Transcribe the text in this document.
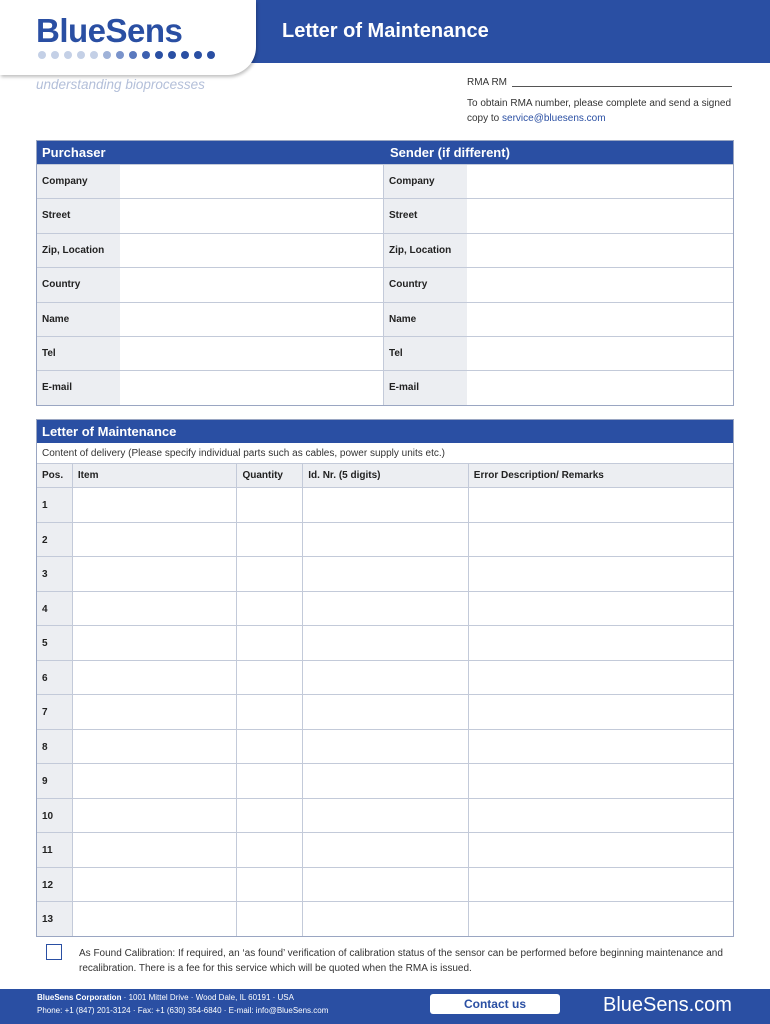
BlueSens	Letter of Maintenance
understanding bioprocesses	RMA RM
To obtain RMA number, please complete and send a signed copy to service@bluesens.com
Purchaser	Sender (if different)
Company	Company
Street	Street
Zip, Location	Zip, Location
Country	Country
Name	Name
Tel	Tel
E-mail	E-mail
Letter of Maintenance
Content of delivery (Please specify individual parts such as cables, power supply units etc.)
Pos.	Item	Quantity	Id. Nr. (5 digits)	Error Description/ Remarks
1
2
3
4
5
6
7
8
9
10
11
12
13
As Found Calibration: If required, an ‘as found’ verification of calibration status of the sensor can be performed before beginning maintenance and recalibration. There is a fee for this service which will be quoted when the RMA is issued.
BlueSens Corporation · 1001 Mittel Drive · Wood Dale, IL 60191 · USA
Phone: +1 (847) 201-3124 · Fax: +1 (630) 354-6840 · E-mail: info@BlueSens.com	Contact us	BlueSens.com
